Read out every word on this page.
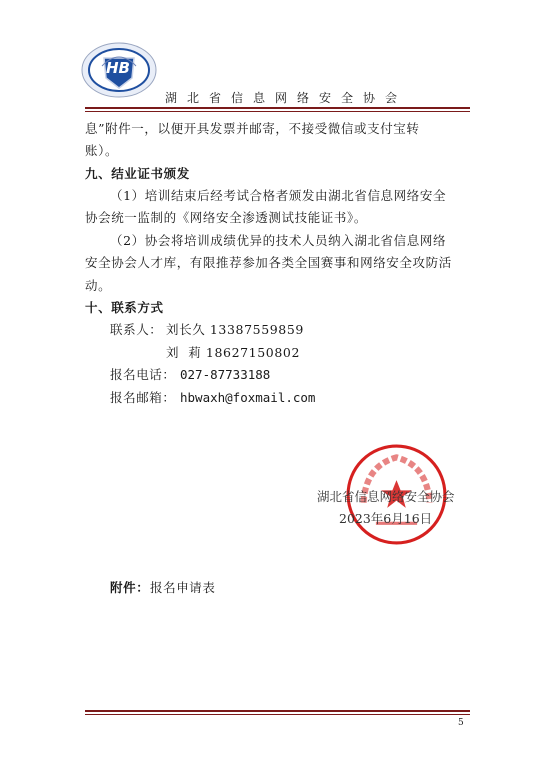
HB
湖北省信息网络安全协会
息”附件一，以便开具发票并邮寄，不接受微信或支付宝转
账）。
九、结业证书颁发
（1）培训结束后经考试合格者颁发由湖北省信息网络安全
协会统一监制的《网络安全渗透测试技能证书》。
（2）协会将培训成绩优异的技术人员纳入湖北省信息网络
安全协会人才库，有限推荐参加各类全国赛事和网络安全攻防活
动。
十、联系方式
联系人： 刘长久 13387559859
刘  莉 18627150802
报名电话： 027-87733188
报名邮箱： hbwaxh@foxmail.com
湖北省信息网络安全协会
2023年6月16日
附件： 报名申请表
5
